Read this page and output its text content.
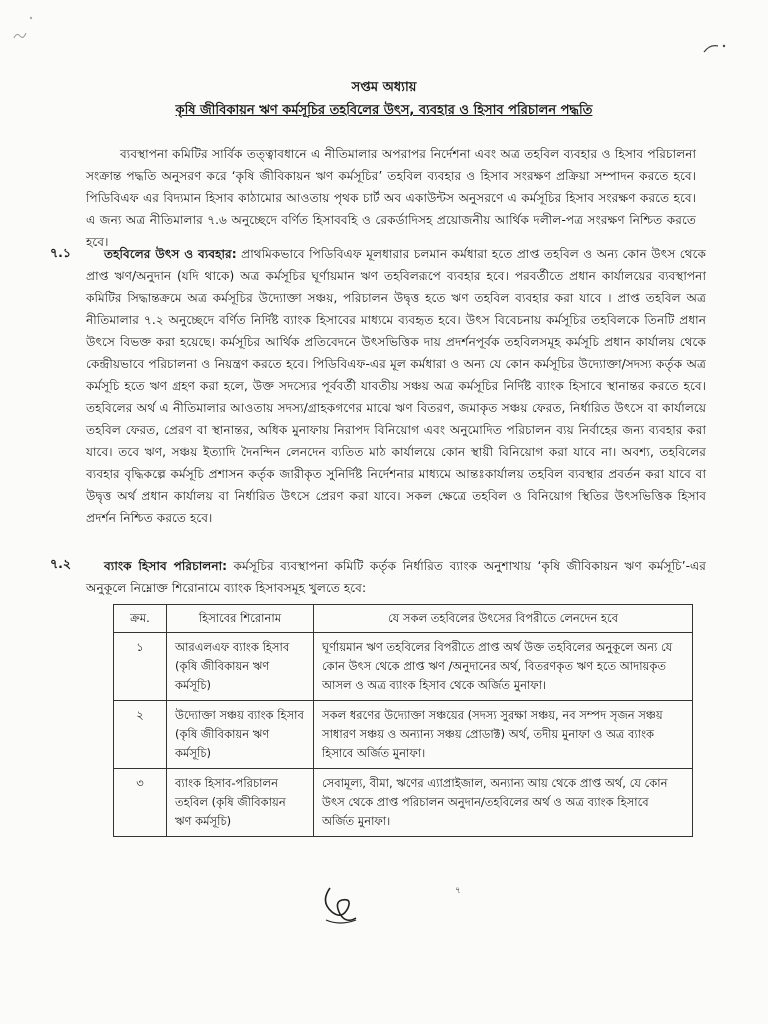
সপ্তম অধ্যায়
কৃষি জীবিকায়ন ঋণ কর্মসূচির তহবিলের উৎস, ব্যবহার ও হিসাব পরিচালন পদ্ধতি

ব্যবস্থাপনা কমিটির সার্বিক তত্ত্বাবধানে এ নীতিমালার অপরাপর নির্দেশনা এবং অত্র তহবিল ব্যবহার ও হিসাব পরিচালনা সংক্রান্ত পদ্ধতি অনুসরণ করে ‘কৃষি জীবিকায়ন ঋণ কর্মসূচির’ তহবিল ব্যবহার ও হিসাব সংরক্ষণ প্রক্রিয়া সম্পাদন করতে হবে। পিডিবিএফ এর বিদ্যমান হিসাব কাঠামোর আওতায় পৃথক চার্ট অব একাউন্টস অনুসরণে এ কর্মসূচির হিসাব সংরক্ষণ করতে হবে। এ জন্য অত্র নীতিমালার ৭.৬ অনুচ্ছেদে বর্ণিত হিসাববহি ও রেকর্ডাদিসহ প্রয়োজনীয় আর্থিক দলীল-পত্র সংরক্ষণ নিশ্চিত করতে হবে।

৭.১	তহবিলের উৎস ও ব্যবহার: প্রাথমিকভাবে পিডিবিএফ মূলধারার চলমান কর্মধারা হতে প্রাপ্ত তহবিল ও অন্য কোন উৎস থেকে প্রাপ্ত ঋণ/অনুদান (যদি থাকে) অত্র কর্মসূচির ঘূর্ণায়মান ঋণ তহবিলরূপে ব্যবহার হবে। পরবর্তীতে প্রধান কার্যালয়ের ব্যবস্থাপনা কমিটির সিদ্ধান্তক্রমে অত্র কর্মসূচির উদ্যোক্তা সঞ্চয়, পরিচালন উদ্বৃত্ত হতে ঋণ তহবিল ব্যবহার করা যাবে । প্রাপ্ত তহবিল অত্র নীতিমালার ৭.২ অনুচ্ছেদে বর্ণিত নির্দিষ্ট ব্যাংক হিসাবের মাধ্যমে ব্যবহৃত হবে। উৎস বিবেচনায় কর্মসূচির তহবিলকে তিনটি প্রধান উৎসে বিভক্ত করা হয়েছে। কর্মসূচির আর্থিক প্রতিবেদনে উৎসভিত্তিক দায় প্রদর্শনপূর্বক তহবিলসমূহ কর্মসূচি প্রধান কার্যালয় থেকে কেন্দ্রীয়ভাবে পরিচালনা ও নিয়ন্ত্রণ করতে হবে। পিডিবিএফ-এর মূল কর্মধারা ও অন্য যে কোন কর্মসূচির উদ্যোক্তা/সদস্য কর্তৃক অত্র কর্মসূচি হতে ঋণ গ্রহণ করা হলে, উক্ত সদস্যের পূর্ববর্তী যাবতীয় সঞ্চয় অত্র কর্মসূচির নির্দিষ্ট ব্যাংক হিসাবে স্থানান্তর করতে হবে। তহবিলের অর্থ এ নীতিমালার আওতায় সদস্য/গ্রাহকগণের মাঝে ঋণ বিতরণ, জমাকৃত সঞ্চয় ফেরত, নির্ধারিত উৎসে বা কার্যালয়ে তহবিল ফেরত, প্রেরণ বা স্থানান্তর, অধিক মুনাফায় নিরাপদ বিনিয়োগ এবং অনুমোদিত পরিচালন ব্যয় নির্বাহের জন্য ব্যবহার করা যাবে। তবে ঋণ, সঞ্চয় ইত্যাদি দৈনন্দিন লেনদেন ব্যতিত মাঠ কার্যালয়ে কোন স্থায়ী বিনিয়োগ করা যাবে না। অবশ্য, তহবিলের ব্যবহার বৃদ্ধিকল্পে কর্মসূচি প্রশাসন কর্তৃক জারীকৃত সুনির্দিষ্ট নির্দেশনার মাধ্যমে আন্তঃকার্যালয় তহবিল ব্যবস্থার প্রবর্তন করা যাবে বা উদ্বৃত্ত অর্থ প্রধান কার্যালয় বা নির্ধারিত উৎসে প্রেরণ করা যাবে। সকল ক্ষেত্রে তহবিল ও বিনিয়োগ স্থিতির উৎসভিত্তিক হিসাব প্রদর্শন নিশ্চিত করতে হবে।

৭.২	ব্যাংক হিসাব পরিচালনা: কর্মসূচির ব্যবস্থাপনা কমিটি কর্তৃক নির্ধারিত ব্যাংক অনুশাখায় ‘কৃষি জীবিকায়ন ঋণ কর্মসূচি’-এর অনুকূলে নিম্নোক্ত শিরোনামে ব্যাংক হিসাবসমূহ খুলতে হবে:

ক্রম.	হিসাবের শিরোনাম	যে সকল তহবিলের উৎসের বিপরীতে লেনদেন হবে
১	আরএলএফ ব্যাংক হিসাব (কৃষি জীবিকায়ন ঋণ কর্মসূচি)	ঘূর্ণায়মান ঋণ তহবিলের বিপরীতে প্রাপ্ত অর্থ উক্ত তহবিলের অনুকূলে অন্য যে কোন উৎস থেকে প্রাপ্ত ঋণ /অনুদানের অর্থ, বিতরণকৃত ঋণ হতে আদায়কৃত আসল ও অত্র ব্যাংক হিসাব থেকে অর্জিত মুনাফা।
২	উদ্যোক্তা সঞ্চয় ব্যাংক হিসাব (কৃষি জীবিকায়ন ঋণ কর্মসূচি)	সকল ধরণের উদ্যোক্তা সঞ্চয়ের (সদস্য সুরক্ষা সঞ্চয়, নব সম্পদ সৃজন সঞ্চয় সাধারণ সঞ্চয় ও অন্যান্য সঞ্চয় প্রোডাক্ট) অর্থ, তদীয় মুনাফা ও অত্র ব্যাংক হিসাবে অর্জিত মুনাফা।
৩	ব্যাংক হিসাব-পরিচালন তহবিল (কৃষি জীবিকায়ন ঋণ কর্মসূচি)	সেবামূল্য, বীমা, ঋণের এ্যাপ্রাইজাল, অন্যান্য আয় থেকে প্রাপ্ত অর্থ, যে কোন উৎস থেকে প্রাপ্ত পরিচালন অনুদান/তহবিলের অর্থ ও অত্র ব্যাংক হিসাবে অর্জিত মুনাফা।
৭
